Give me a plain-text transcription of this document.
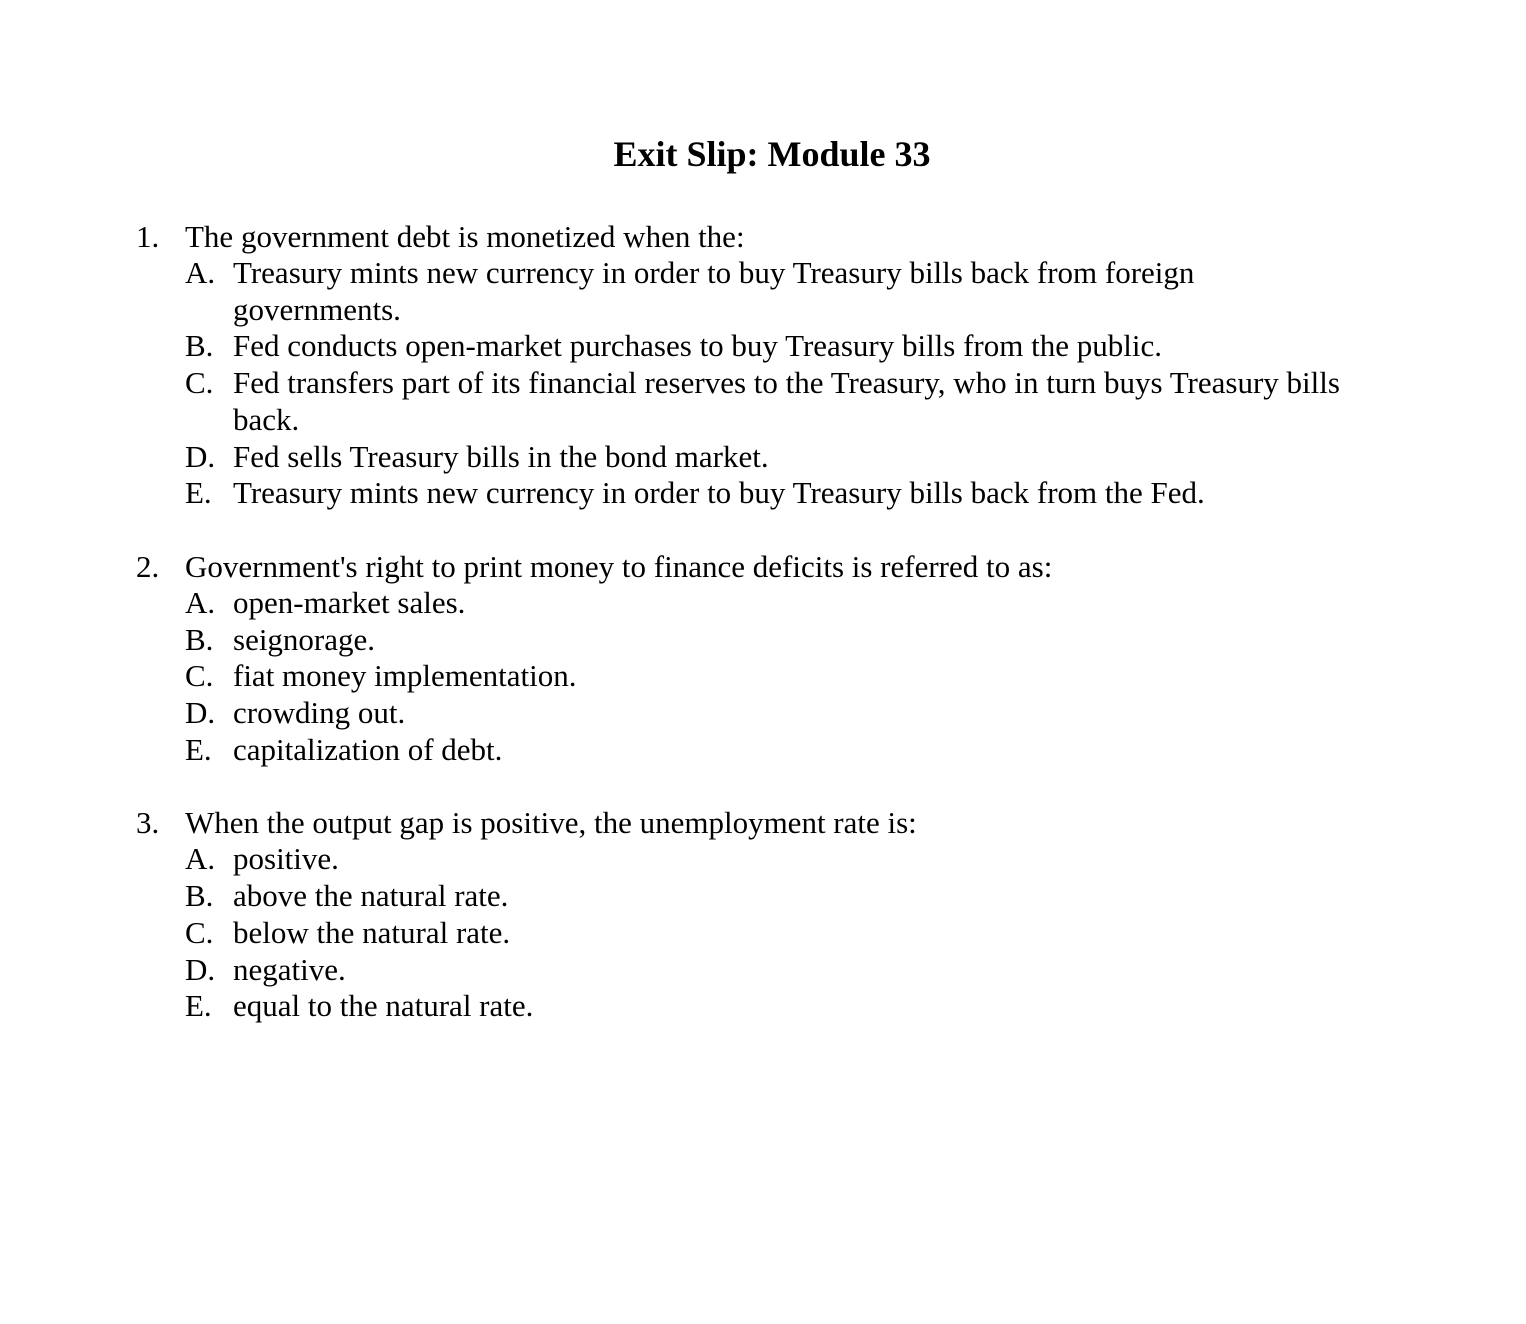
Exit Slip: Module 33
1. The government debt is monetized when the:
A. Treasury mints new currency in order to buy Treasury bills back from foreign governments.
B. Fed conducts open-market purchases to buy Treasury bills from the public.
C. Fed transfers part of its financial reserves to the Treasury, who in turn buys Treasury bills back.
D. Fed sells Treasury bills in the bond market.
E. Treasury mints new currency in order to buy Treasury bills back from the Fed.
2. Government's right to print money to finance deficits is referred to as:
A. open-market sales.
B. seignorage.
C. fiat money implementation.
D. crowding out.
E. capitalization of debt.
3. When the output gap is positive, the unemployment rate is:
A. positive.
B. above the natural rate.
C. below the natural rate.
D. negative.
E. equal to the natural rate.
